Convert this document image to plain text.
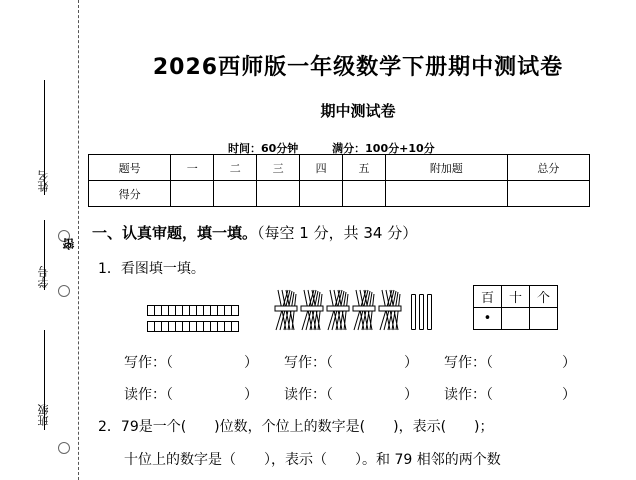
姓名
学号
班级
密
2026西师版一年级数学下册期中测试卷
期中测试卷
时间：60分钟	满分：100分+10分
题号	一	二	三	四	五	附加题	总分
得分							
一、认真审题，填一填。（每空 1 分，共 34 分）
1．看图填一填。
百	十	个
•		
写作：（	） 写作：（	） 写作：（	）
读作：（	） 读作：（	） 读作：（	）
2．79是一个(　　)位数，个位上的数字是(　　)，表示(　　)；
十位上的数字是（　　），表示（　　）。和 79 相邻的两个数
